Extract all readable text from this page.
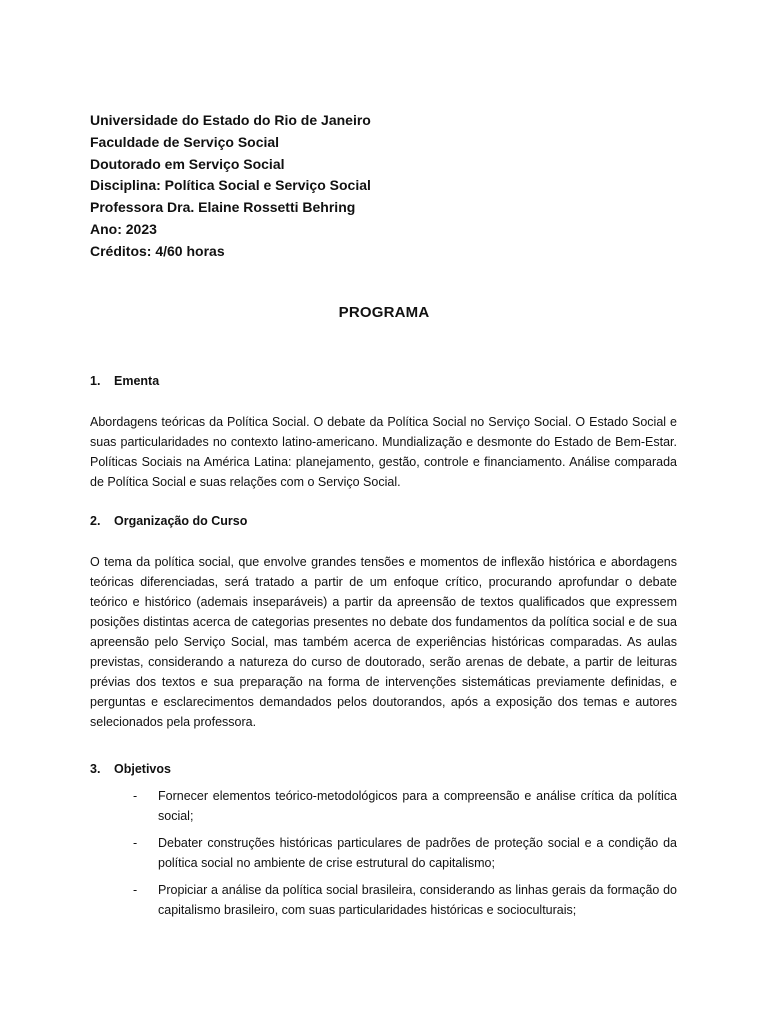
Universidade do Estado do Rio de Janeiro
Faculdade de Serviço Social
Doutorado em Serviço Social
Disciplina: Política Social e Serviço Social
Professora Dra. Elaine Rossetti Behring
Ano: 2023
Créditos: 4/60 horas
PROGRAMA
1. Ementa
Abordagens teóricas da Política Social. O debate da Política Social no Serviço Social. O Estado Social e
suas particularidades no contexto latino-americano. Mundialização e desmonte do Estado de Bem-Estar.
Políticas Sociais na América Latina: planejamento, gestão, controle e financiamento. Análise comparada
de Política Social e suas relações com o Serviço Social.
2. Organização do Curso
O tema da política social, que envolve grandes tensões e momentos de inflexão histórica e abordagens
teóricas diferenciadas, será tratado a partir de um enfoque crítico, procurando aprofundar o debate
teórico e histórico (ademais inseparáveis) a partir da apreensão de textos qualificados que expressem
posições distintas acerca de categorias presentes no debate dos fundamentos da política social e de sua
apreensão pelo Serviço Social, mas também acerca de experiências históricas comparadas. As aulas
previstas, considerando a natureza do curso de doutorado, serão arenas de debate, a partir de leituras
prévias dos textos e sua preparação na forma de intervenções sistemáticas previamente definidas, e
perguntas e esclarecimentos demandados pelos doutorandos, após a exposição dos temas e autores
selecionados pela professora.
3. Objetivos
- Fornecer elementos teórico-metodológicos para a compreensão e análise crítica da política
social;
- Debater construções históricas particulares de padrões de proteção social e a condição da
política social no ambiente de crise estrutural do capitalismo;
- Propiciar a análise da política social brasileira, considerando as linhas gerais da formação do
capitalismo brasileiro, com suas particularidades históricas e socioculturais;
